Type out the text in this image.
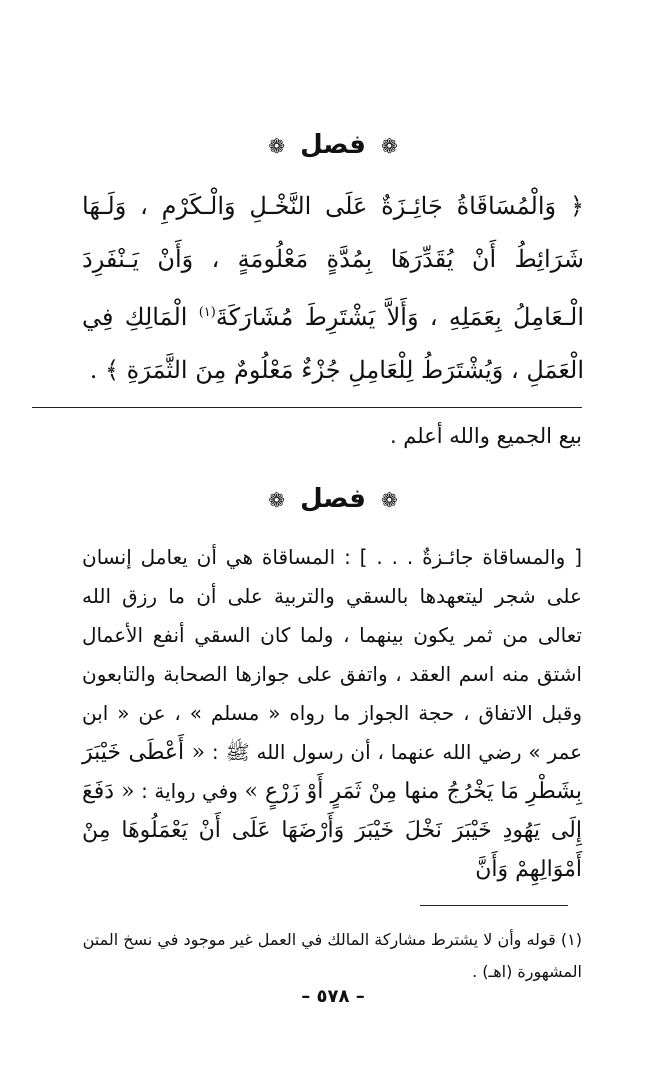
❁ فصل ❁
﴿ وَالْمُسَاقَاةُ جَائِـزَةٌ عَلَى النَّخْـلِ وَالْـكَرْمِ ، وَلَـهَا شَرَائِطُ أَنْ يُقَدِّرَهَا بِمُدَّةٍ مَعْلُومَةٍ ، وَأَنْ يَـنْفَرِدَ الْـعَامِلُ بِعَمَلِهِ ، وَأَلاَّ يَشْتَرِطَ مُشَارَكَةَ$^{(١)}$ الْمَالِكِ فِي الْعَمَلِ ، وَيُشْتَرَطُ لِلْعَامِلِ جُزْءٌ مَعْلُومٌ مِنَ الثَّمَرَةِ ﴾ .
بيع الجميع والله أعلم .
❁ فصل ❁
[ والمساقاة جائـزةٌ . . . ] : المساقاة هي أن يعامل إنسان على شجر ليتعهدها بالسقي والتربية على أن ما رزق الله تعالى من ثمر يكون بينهما ، ولما كان السقي أنفع الأعمال اشتق منه اسم العقد ، واتفق على جوازها الصحابة والتابعون وقبل الاتفاق ، حجة الجواز ما رواه « مسلم » ، عن « ابن عمر » رضي الله عنهما ، أن رسول الله ﷺ : « أَعْطَى خَيْبَرَ بِشَطْرِ مَا يَخْرُجُ منها مِنْ ثَمَرٍ أَوْ زَرْعٍ » وفي رواية : « دَفَعَ إِلَى يَهُودِ خَيْبَرَ نَخْلَ خَيْبَرَ وَأَرْضَهَا عَلَى أَنْ يَعْمَلُوهَا مِنْ أَمْوَالِهِمْ وَأَنَّ
(١) قوله وأن لا يشترط مشاركة المالك في العمل غير موجود في نسخ المتن المشهورة (اهـ) .
– ٥٧٨ –
